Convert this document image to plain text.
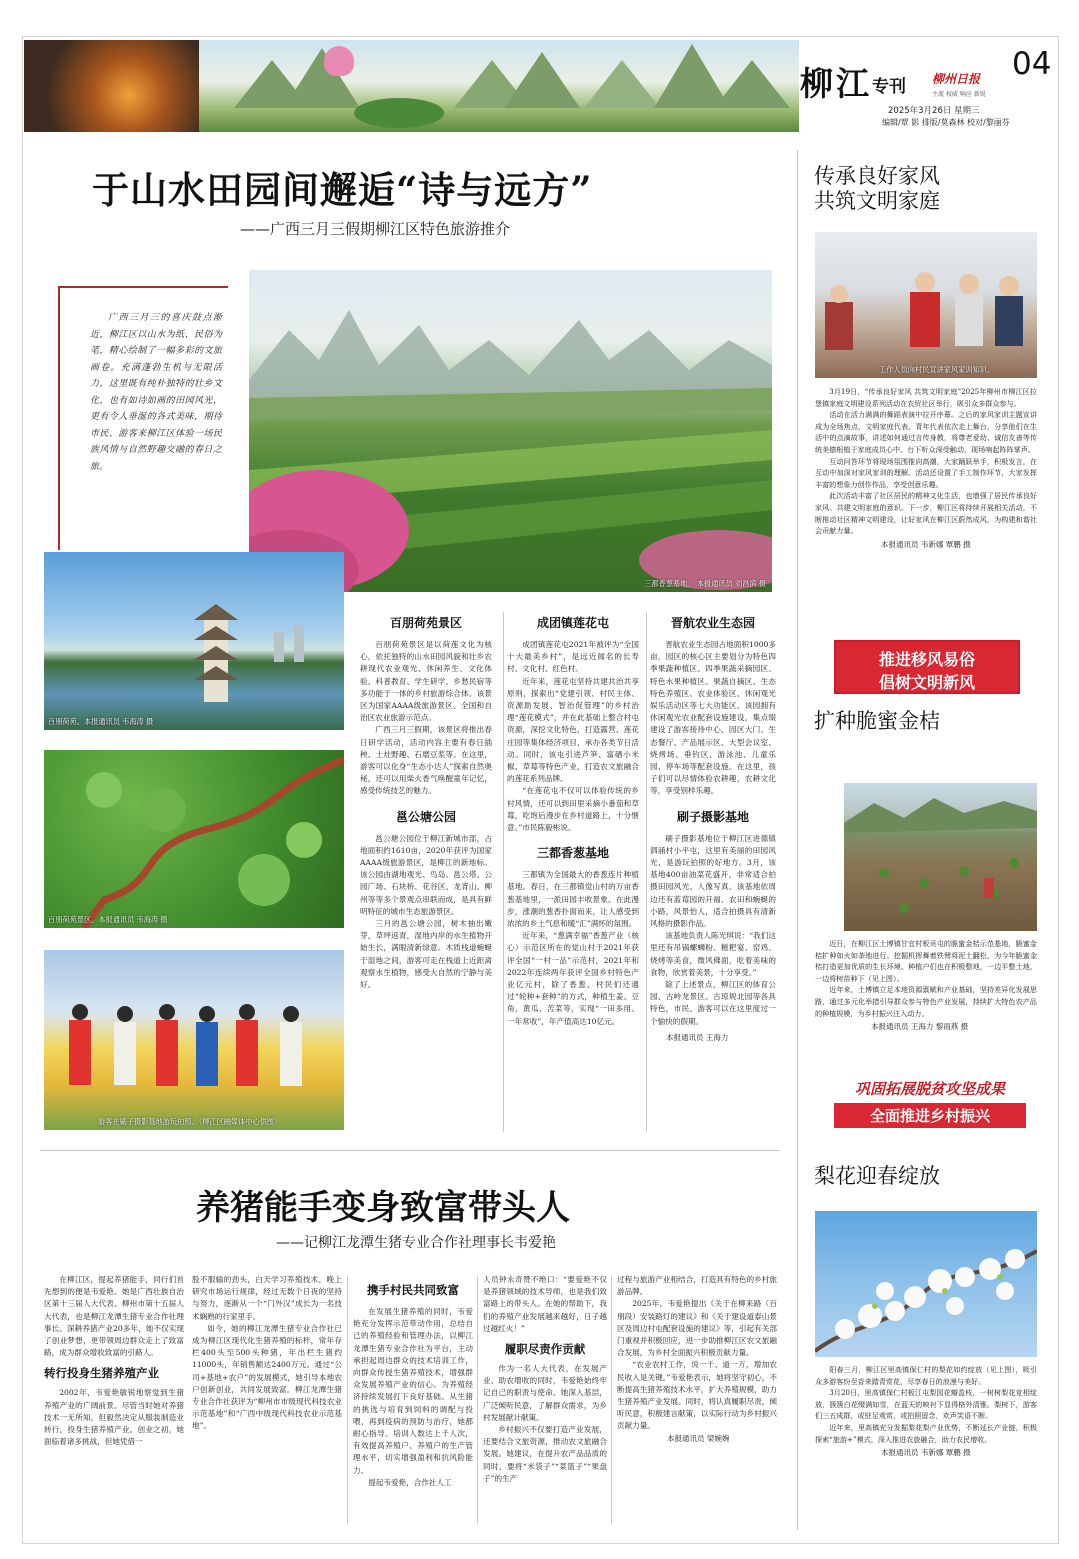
柳江 专刊 柳州日报
主流 权威 响应 新锐
04
2025年3月26日 星期三
编辑/覃 影 排版/莫森林 校对/黎丽芬
于山水田园间邂逅“诗与远方”
——广西三月三假期柳江区特色旅游推介

广西三月三的喜庆鼓点渐近，柳江区以山水为纸、民俗为笔，精心绘制了一幅多彩的文旅画卷。充满蓬勃生机与无限活力，这里既有纯朴独特的壮乡文化，也有如诗如画的田园风光，更有令人垂涎的各式美味，期待市民、游客来柳江区体验一场民族风情与自然野趣交融的春日之旅。

三都香葱基地。 本报通讯员 刘昌滨 摄
百朋荷苑。本报通讯员 韦海涛 摄
百朋荷苑景区。本报通讯员 韦海涛 摄
游客在刷子摄影基地游玩拍照。（柳江区融媒体中心供图）
百朋荷苑景区

百朋荷苑景区是以荷莲文化为核心，依托独特的山水田园风貌和壮乡农耕现代农业观光、休闲养生、文化体验、科普教育、学生研学、乡愁民宿等多功能于一体的乡村旅游综合体。该景区为国家AAAA级旅游景区、全国和自治区农业旅游示范点。

广西三月三假期，该景区将推出春日研学活动，活动内容主要有春日插秧、土灶野趣、石磨豆浆等。在这里，游客可以化身“生态小达人”探索自然奥秘，还可以用柴火香气唤醒童年记忆，感受传统技艺的魅力。

邕公塘公园

邕公塘公园位于柳江新城市部，占地面积约1610亩，2020年获评为国家AAAA级旅游景区，是柳江的新地标。该公园由湖地观光、鸟岛、邕公塔、公园广场、石块桥、花谷区、龙背山、柳州等等多个景观点串联而成，是具有鲜明特征的城市生态旅游景区。

三月的邕公塘公园，树木抽出嫩芽，草坪返青，湿地内岸的水生植物开始生长，满眼清新绿意。木质栈道蜿蜒于湿地之间，游客可走在栈道上近距离观察水生植物，感受大自然的宁静与美好。

成团镇莲花屯

成团镇莲花屯2021年被评为“全国十大最美乡村”，是远近闻名的长寿村、文化村、红色村。

近年来，莲花屯坚持共建共治共享原则，探索出“党建引领、村民主体、资源助发展、智治促管理”的乡村治理“莲花模式”，并在此基础上整合村屯资源，深挖文化特色，打造露营、莲花庄园等集体经济项目，承办各类节日活动。同时，该屯引进芦笋、富硒小米椒、草莓等特色产业，打造农文旅融合的莲花系列品牌。

“在莲花屯不仅可以体验传统的乡村风情，还可以到田里采摘小番茄和草莓，吃饱后漫步在乡村道路上，十分惬意。”市民陈毅彬说。

三都香葱基地

三都镇为全国最大的香葱连片种植基地。春日，在三都镇觉山村的万亩香葱基地里，一派田园丰收景象。在此漫步，涨潮的葱香扑面而来，让人感受到浓浓的乡土气息和暖“汇”满怀的氛围。

近年来，“葱满幸福”香葱产业（核心）示范区所在的觉山村于2021年获评全国“一村一品”示范村，2021年和2022年连续两年获评全国乡村特色产业亿元村，除了香葱，村民们还通过“轮种+套种”的方式，种植生姜、豆角、黄瓜、苦菜等，实现“一田多用、一年常收”，年产值高达10亿元。

晋航农业生态园

晋航农业生态园占地面积1000多亩，园区的核心区主要划分为特色四季果蔬种植区、四季果蔬采摘园区、特色水果种植区、果蔬自摘区、生态特色养殖区、农业体验区、休闲观光娱乐活动区等七大功能区。该园拥有休闲观光农业配套设施建设，集点缀建设了游客接待中心、园区大门、生态餐厅、产品展示区、大型会议室、烧烤场、垂钓区、游泳池、儿童乐园、停车场等配套设施。在这里，孩子们可以尽情体验农耕趣，农耕文化等，享受别样乐趣。

刷子摄影基地

刷子摄影基地位于柳江区进德镇泗涌村小平屯，这里有美丽的田园风光，是游玩拍照的好地方。3月，该基地400亩油菜花盛开，非常适合拍摄田园风光、人像写真。该基地依周边还有蓝莓园的开福、农田和蜿蜒的小路，风景怡人，适合拍摄具有清新风格的摄影作品。

该基地负责人陈光琪说：“我们这里还有吊锅螺蛳粉、糍粑宴、窑鸡、烧烤等美食，微风佛面，吃着美味的食物，欣赏着美景，十分享受。”

除了上述景点，柳江区的体育公园、古岭龙景区、古琼规北园等各具特色，市民、游客可以在这里度过一个愉快的假期。

本报通讯员 王海力
养猪能手变身致富带头人
——记柳江龙潭生猪专业合作社理事长韦爱艳

在柳江区，提起养猪能手，同行们首先想到的便是韦爱艳。她是广西壮族自治区第十三届人大代表、柳州市第十五届人大代表，也是柳江龙潭生猪专业合作社理事长。深耕养猪产业20多年，她不仅实现了创业梦想，更带领周边群众走上了致富路，成为群众增收致富的引路人。

转行投身生猪养殖产业

2002年，韦爱艳敏锐地察觉到生猪养殖产业的广阔前景。尽管当时她对养猪技术一无所知，但毅然决定从服装制造业转行，投身生猪养殖产业。创业之初，她面临着诸多挑战，但她凭借一

股不服输的劲头，白天学习养殖技术，晚上研究市场运行规律，经过无数个日夜的坚持与努力，逐渐从一个“门外汉”成长为一名技术娴熟的行家里手。

如今，她的柳江龙潭生猪专业合作社已成为柳江区现代化生猪养殖的标杆，常年存栏400头至500头种猪，年出栏生猪约11000头，年销售额达2400万元。通过“公司+基地+农户”的发展模式，她引导本地农户创新创业，共同发展致富。柳江龙潭生猪专业合作社获评为“柳州市市级现代科技农业示范基地”和“广西中级现代科技农业示范基地”。

携手村民共同致富

在发展生猪养殖的同时，韦爱艳充分发挥示范带动作用，总结自己的养殖经验和管理办法，以柳江龙潭生猪专业合作社为平台，主动承担起周边群众的技术培训工作，向群众传授生猪养殖技术，增强群众发展养殖产业的信心。为养殖经济持续发展打下良好基础。从生猪的挑选与培育到饲料的调配与投喂，再到疫病的预防与治疗，她都耐心指导。培训人数达上千人次，有效提高养殖户、养殖户的生产管理水平，切实增强盈利和抗风险能力。

提起韦爱艳，合作社人工

人员钟永奇赞不绝口：“要爱艳不仅是养猪领域的技术导师，也是我们致富路上的带头人。在她的帮助下，我们的养殖产业发展越来越好，日子越过越红火！”

履职尽责作贡献

作为一名人大代表，在发展产业、助农增收的同时，韦爱艳始终牢记自己的职责与使命。她深入基层，广泛倾听民意，了解群众需求，为乡村发展献计献策。

乡村振兴不仅要打造产业发展，还要结合文旅资源，推动农文旅融合发展。她建议，在提升农产品品质的同时，要将“米袋子”“菜篮子”“果盘子”的生产

过程与旅游产业相结合，打造具有特色的乡村旅游品牌。

2025年，韦爱艳提出《关于在柳来路（百朋段）安装路灯的建议》和《关于建设道泰山景区及周边村屯配套设施的建议》等，引起有关部门重视并积极回应，进一步助推柳江区农文旅融合发展，为乡村全面振兴积极贡献力量。

“农业农村工作，说一千、道一万，增加农民收入是关键。”韦爱艳表示，她将坚守初心，不断提高生猪养殖技术水平，扩大养殖规模，助力生猪养殖产业发展。同时，将认真履职尽责，倾听民意，积极建言献策，以实际行动为乡村振兴贡献力量。

本报通讯员 梁婉婉
传承良好家风
共筑文明家庭
工作人员向村民宣讲家风家训知识。

3月19日，“传承良好家风 共筑文明家庭”2025年柳州市柳江区拉堡镇家庭文明建设系列活动在农贸社区举行，吸引众多群众参与。

活动在活力满满的舞蹈表演中拉开序幕。之后的家风家训主题宣讲成为全场焦点，文明家庭代表、青年代表依次走上舞台，分享他们在生活中的点滴故事，讲述如何通过言传身教，将尊老爱幼、诚信友善等传统美德根植于家庭成员心中。台下听众深受触动，现场响起阵阵掌声。

互动问答环节将现场氛围推向高潮，大家踊跃举手，积极发言，在互动中加深对家风家训的理解。活动还设置了手工制作环节，大家发挥丰富的想象力创作作品，享受创意乐趣。

此次活动丰富了社区居民的精神文化生活，也增强了居民传承良好家风、共建文明家庭的意识。下一步，柳江区将持续开展相关活动，不断推动社区精神文明建设，让好家风在柳江区蔚然成风，为构建和谐社会贡献力量。

本报通讯员 韦新娜 覃鹏 摄
推进移风易俗
倡树文明新风
扩种脆蜜金桔

近日，在柳江区土博镇甘宜村板贡屯的脆蜜金桔示范基地，脆蜜金桔扩种如火如荼地进行。挖掘机挥舞着铁臂将泥土翻松，为今年脆蜜金桔打造更加优质的生长环境。种植户们也在积极整地，一边平整土地，一边将树苗种下（见上图）。

近年来，土博镇立足本地资源禀赋和产业基础，坚持差异化发展思路，通过多元化举措引导群众参与特色产业发展，持续扩大特色农产品的种植规模，为乡村振兴注入动力。

本报通讯员 王海力 黎雨燕 摄
巩固拓展脱贫攻坚成果
全面推进乡村振兴
梨花迎春绽放

阳春三月，柳江区里高镇保仁村的梨花如约绽放（见上图），吸引众多游客纷至沓来踏青赏花，尽享春日的浪漫与美好。

3月20日，里高镇保仁村板江屯梨园花瓣盈枝，一树树梨花竞相绽放，簇簇白花缀满如雪，在蓝天的映衬下显得格外清雅。梨树下，游客们三五成群，或驻足观赏，或拍照留念，欢声笑语不断。

近年来，里高镇充分发掘梨花梨产业优势，不断延长产业链，积极探索“旅游+”模式，深入推进农旅融合，助力农民增收。

本报通讯员 韦新娜 覃鹏 摄
